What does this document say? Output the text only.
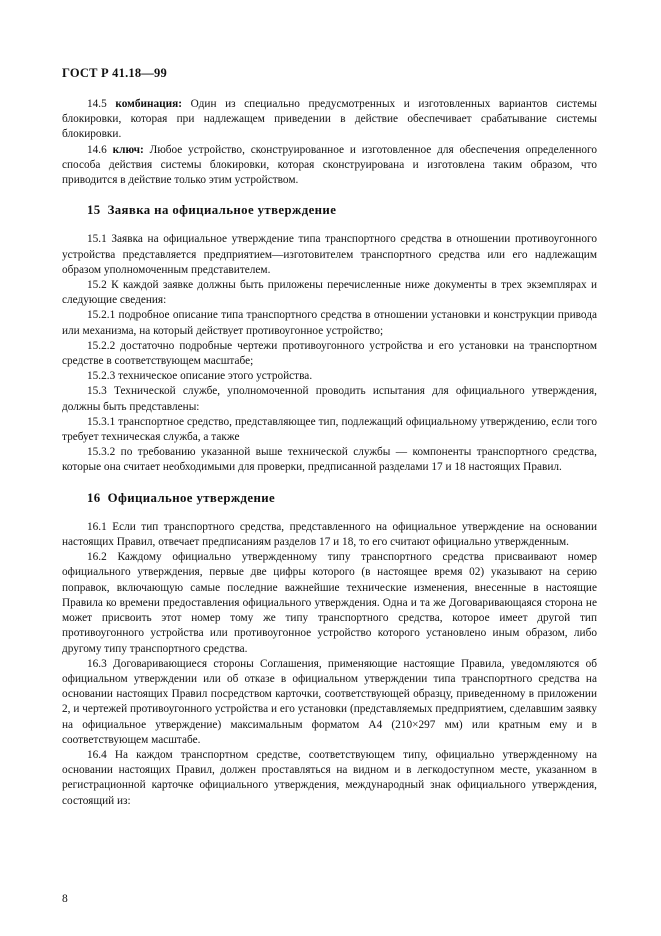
ГОСТ Р 41.18—99

14.5 комбинация: Один из специально предусмотренных и изготовленных вариантов системы блокировки, которая при надлежащем приведении в действие обеспечивает срабатывание системы блокировки.

14.6 ключ: Любое устройство, сконструированное и изготовленное для обеспечения определенного способа действия системы блокировки, которая сконструирована и изготовлена таким образом, что приводится в действие только этим устройством.

15 Заявка на официальное утверждение

15.1 Заявка на официальное утверждение типа транспортного средства в отношении противоугонного устройства представляется предприятием—изготовителем транспортного средства или его надлежащим образом уполномоченным представителем.

15.2 К каждой заявке должны быть приложены перечисленные ниже документы в трех экземплярах и следующие сведения:

15.2.1 подробное описание типа транспортного средства в отношении установки и конструкции привода или механизма, на который действует противоугонное устройство;

15.2.2 достаточно подробные чертежи противоугонного устройства и его установки на транспортном средстве в соответствующем масштабе;

15.2.3 техническое описание этого устройства.

15.3 Технической службе, уполномоченной проводить испытания для официального утверждения, должны быть представлены:

15.3.1 транспортное средство, представляющее тип, подлежащий официальному утверждению, если того требует техническая служба, а также

15.3.2 по требованию указанной выше технической службы — компоненты транспортного средства, которые она считает необходимыми для проверки, предписанной разделами 17 и 18 настоящих Правил.

16 Официальное утверждение

16.1 Если тип транспортного средства, представленного на официальное утверждение на основании настоящих Правил, отвечает предписаниям разделов 17 и 18, то его считают официально утвержденным.

16.2 Каждому официально утвержденному типу транспортного средства присваивают номер официального утверждения, первые две цифры которого (в настоящее время 02) указывают на серию поправок, включающую самые последние важнейшие технические изменения, внесенные в настоящие Правила ко времени предоставления официального утверждения. Одна и та же Договаривающаяся сторона не может присвоить этот номер тому же типу транспортного средства, которое имеет другой тип противоугонного устройства или противоугонное устройство которого установлено иным образом, либо другому типу транспортного средства.

16.3 Договаривающиеся стороны Соглашения, применяющие настоящие Правила, уведомляются об официальном утверждении или об отказе в официальном утверждении типа транспортного средства на основании настоящих Правил посредством карточки, соответствующей образцу, приведенному в приложении 2, и чертежей противоугонного устройства и его установки (представляемых предприятием, сделавшим заявку на официальное утверждение) максимальным форматом А4 (210×297 мм) или кратным ему и в соответствующем масштабе.

16.4 На каждом транспортном средстве, соответствующем типу, официально утвержденному на основании настоящих Правил, должен проставляться на видном и в легкодоступном месте, указанном в регистрационной карточке официального утверждения, международный знак официального утверждения, состоящий из:

8
